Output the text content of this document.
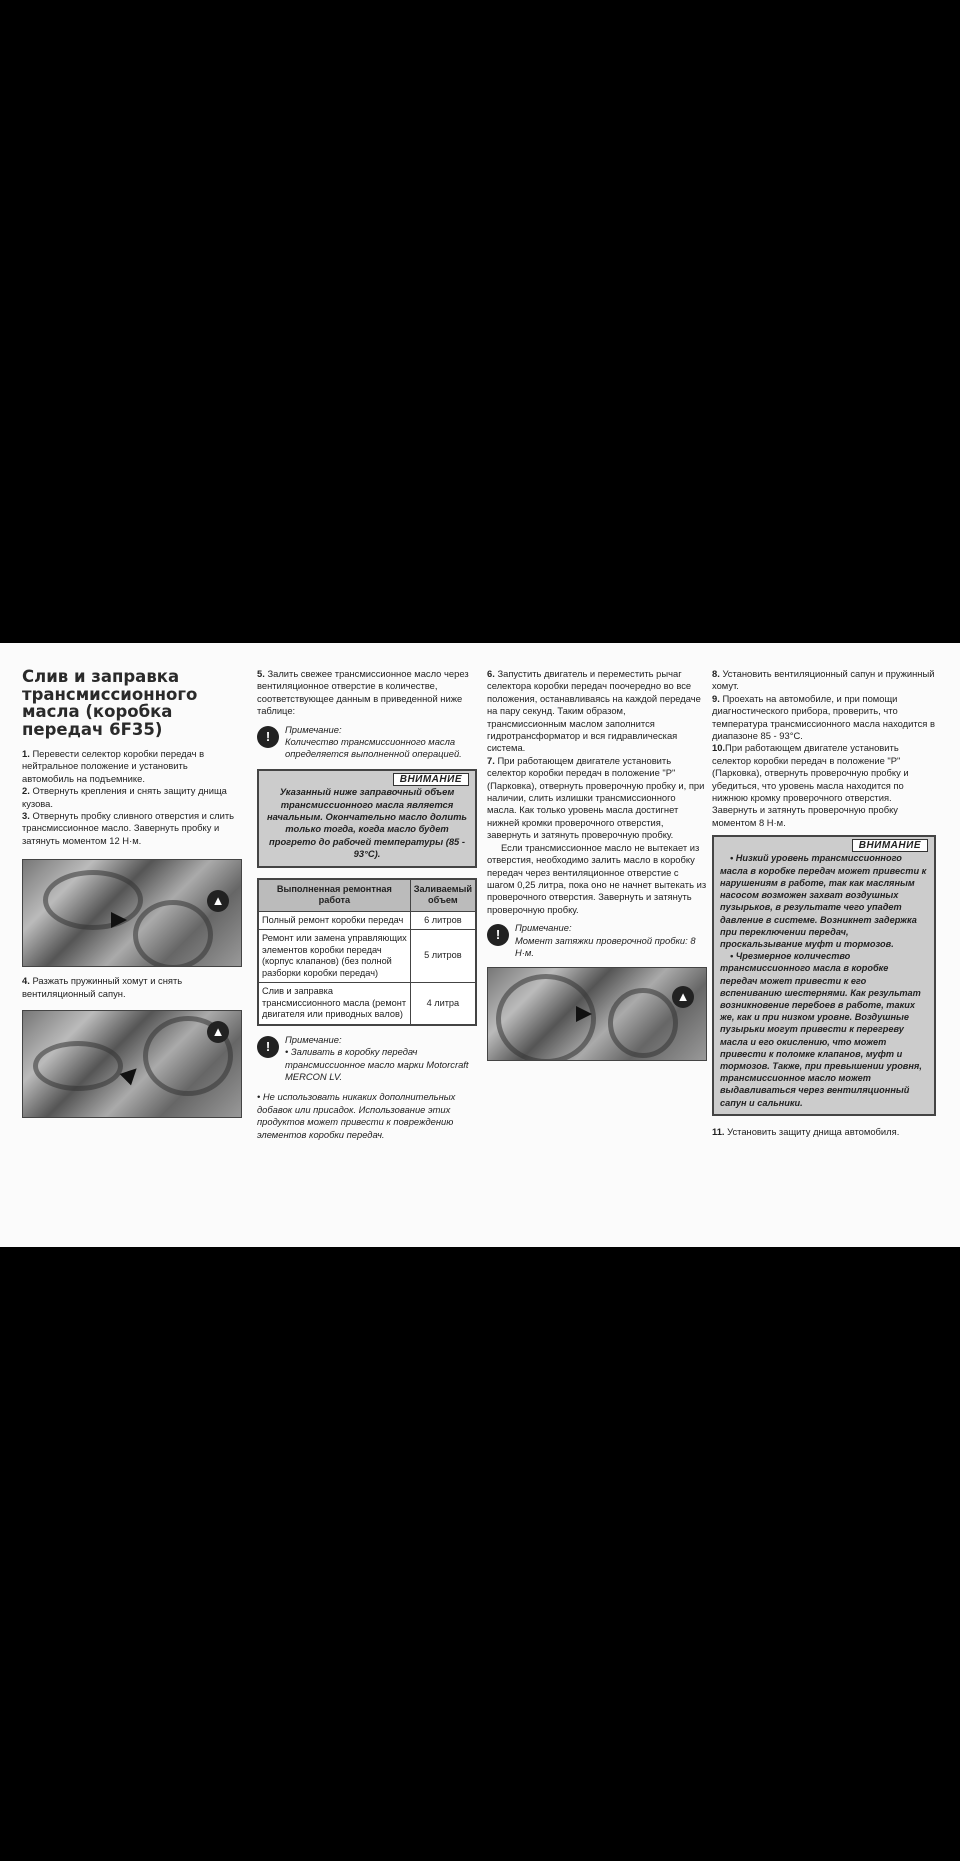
Слив и заправка трансмиссионного масла (коробка передач 6F35)

1. Перевести селектор коробки передач в нейтральное положение и установить автомобиль на подъемнике.

2. Отвернуть крепления и снять защиту днища кузова.

3. Отвернуть пробку сливного отверстия и слить трансмиссионное масло. Завернуть пробку и затянуть моментом 12 Н·м.

▲

4. Разжать пружинный хомут и снять вентиляционный сапун.

▲

5. Залить свежее трансмиссионное масло через вентиляционное отверстие в количестве, соответствующее данным в приведенной ниже таблице:

!	Примечание:
Количество трансмиссионного масла определяется выполненной операцией.
ВНИМАНИЕ
Указанный ниже заправочный объем трансмиссионного масла является начальным. Окончательно масло долить только тогда, когда масло будет прогрето до рабочей температуры (85 - 93°C).
Выполненная ремонтная работа	Заливаемый объем
Полный ремонт коробки передач	6 литров
Ремонт или замена управляющих элементов коробки передач (корпус клапанов) (без полной разборки коробки передач)	5 литров
Слив и заправка трансмиссионного масла (ремонт двигателя или приводных валов)	4 литра
!	Примечание:
• Заливать в коробку передач трансмиссионное масло марки Motorcraft MERCON LV.

• Не использовать никаких дополнительных добавок или присадок. Использование этих продуктов может привести к повреждению элементов коробки передач.

6. Запустить двигатель и переместить рычаг селектора коробки передач поочередно во все положения, останавливаясь на каждой передаче на пару секунд. Таким образом, трансмиссионным маслом заполнится гидротрансформатор и вся гидравлическая система.

7. При работающем двигателе установить селектор коробки передач в положение "P" (Парковка), отвернуть проверочную пробку и, при наличии, слить излишки трансмиссионного масла. Как только уровень масла достигнет нижней кромки проверочного отверстия, завернуть и затянуть проверочную пробку.

Если трансмиссионное масло не вытекает из отверстия, необходимо залить масло в коробку передач через вентиляционное отверстие с шагом 0,25 литра, пока оно не начнет вытекать из проверочного отверстия. Завернуть и затянуть проверочную пробку.

!	Примечание:
Момент затяжки проверочной пробки: 8 Н·м.
▲

8. Установить вентиляционный сапун и пружинный хомут.

9. Проехать на автомобиле, и при помощи диагностического прибора, проверить, что температура трансмиссионного масла находится в диапазоне 85 - 93°C.

10.При работающем двигателе установить селектор коробки передач в положение "P" (Парковка), отвернуть проверочную пробку и убедиться, что уровень масла находится по нижнюю кромку проверочного отверстия. Завернуть и затянуть проверочную пробку моментом 8 Н·м.

ВНИМАНИЕ
• Низкий уровень трансмиссионного масла в коробке передач может привести к нарушениям в работе, так как масляным насосом возможен захват воздушных пузырьков, в результате чего упадет давление в системе. Возникнет задержка при переключении передач, проскальзывание муфт и тормозов.
• Чрезмерное количество трансмиссионного масла в коробке передач может привести к его вспениванию шестернями. Как результат возникновение перебоев в работе, таких же, как и при низком уровне. Воздушные пузырьки могут привести к перегреву масла и его окислению, что может привести к поломке клапанов, муфт и тормозов. Также, при превышении уровня, трансмиссионное масло может выдавливаться через вентиляционный сапун и сальники.

11. Установить защиту днища автомобиля.
